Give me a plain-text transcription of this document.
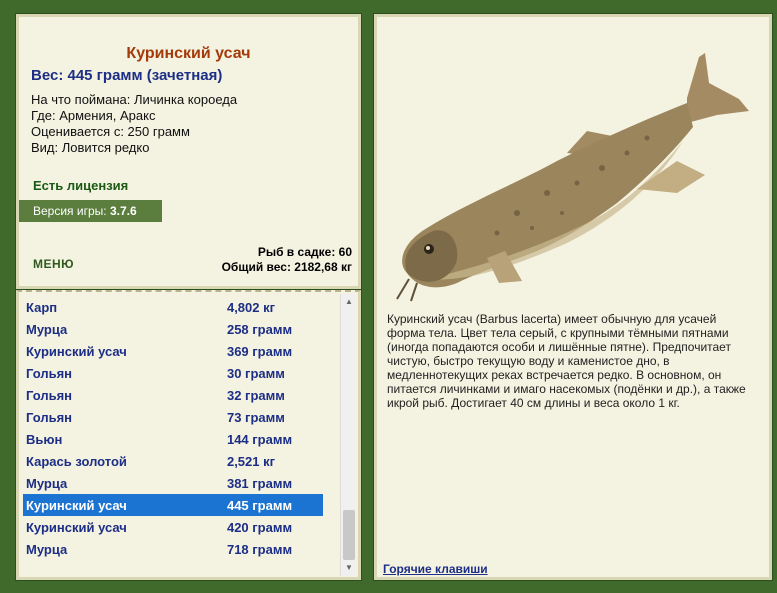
Куринский усач
Вес: 445 грамм (зачетная)
На что поймана: Личинка короеда
Где: Армения, Аракс
Оценивается с: 250 грамм
Вид: Ловится редко
Есть лицензия
Версия игры: 3.7.6
МЕНЮ
Рыб в садке: 60
Общий вес: 2182,68 кг
Карп	4,802 кг
Мурца	258 грамм
Куринский усач	369 грамм
Гольян	30 грамм
Гольян	32 грамм
Гольян	73 грамм
Вьюн	144 грамм
Карась золотой	2,521 кг
Мурца	381 грамм
Куринский усач	445 грамм
Куринский усач	420 грамм
Мурца	718 грамм
▲
▼
Куринский усач (Barbus lacerta) имеет обычную для усачей форма тела. Цвет тела серый, с крупными тёмными пятнами (иногда попадаются особи и лишённые пятне). Предпочитает чистую, быстро текущую воду и каменистое дно, в медленнотекущих реках встречается редко. В основном, он питается личинками и имаго насекомых (подёнки и др.), а также икрой рыб. Достигает 40 см длины и веса около 1 кг.
Горячие клавиши
